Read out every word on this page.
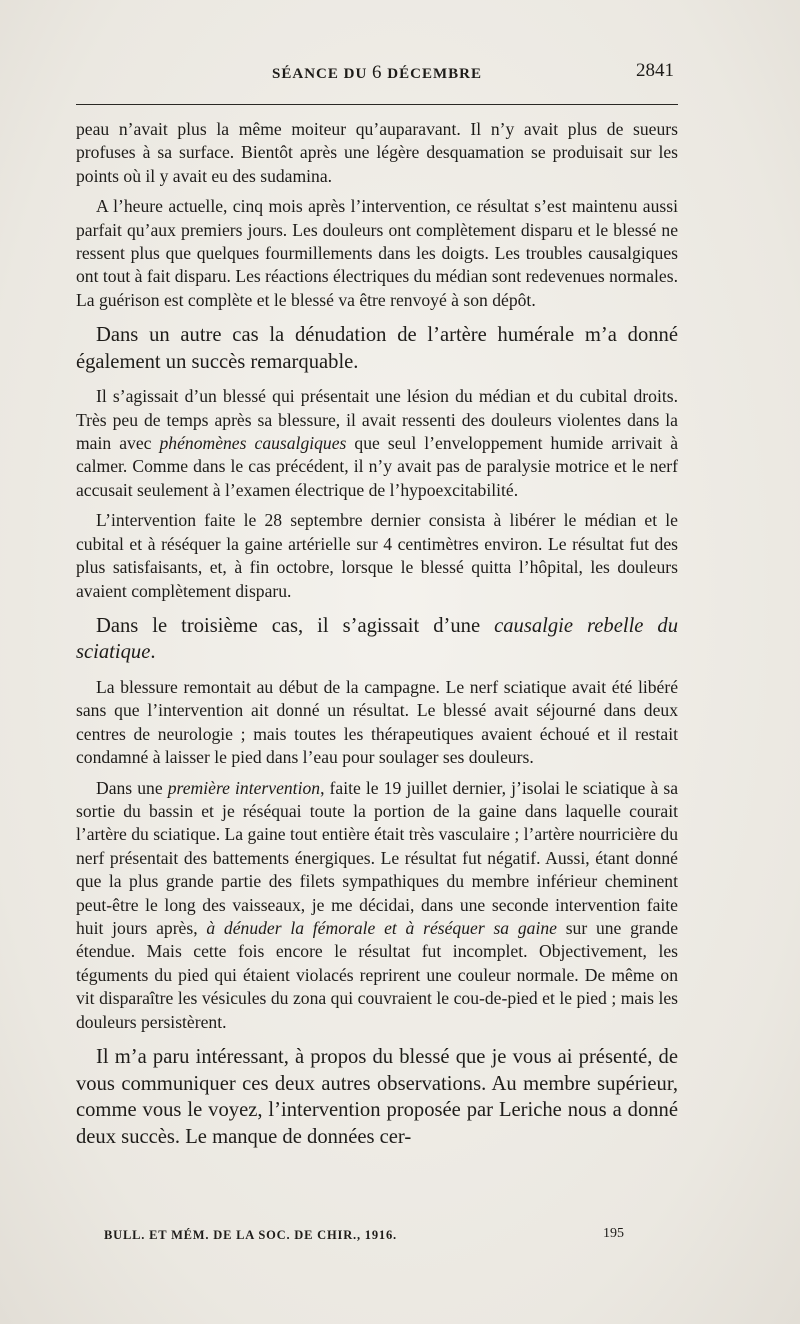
SÉANCE DU 6 DÉCEMBRE	2841

peau n’avait plus la même moiteur qu’auparavant. Il n’y avait plus de sueurs profuses à sa surface. Bientôt après une légère desquamation se produisait sur les points où il y avait eu des sudamina.

A l’heure actuelle, cinq mois après l’intervention, ce résultat s’est maintenu aussi parfait qu’aux premiers jours. Les douleurs ont complètement disparu et le blessé ne ressent plus que quelques fourmillements dans les doigts. Les troubles causalgiques ont tout à fait disparu. Les réactions électriques du médian sont redevenues normales. La guérison est complète et le blessé va être renvoyé à son dépôt.

Dans un autre cas la dénudation de l’artère humérale m’a donné également un succès remarquable.

Il s’agissait d’un blessé qui présentait une lésion du médian et du cubital droits. Très peu de temps après sa blessure, il avait ressenti des douleurs violentes dans la main avec phénomènes causalgiques que seul l’enveloppement humide arrivait à calmer. Comme dans le cas précédent, il n’y avait pas de paralysie motrice et le nerf accusait seulement à l’examen électrique de l’hypoexcitabilité.

L’intervention faite le 28 septembre dernier consista à libérer le médian et le cubital et à réséquer la gaine artérielle sur 4 centimètres environ. Le résultat fut des plus satisfaisants, et, à fin octobre, lorsque le blessé quitta l’hôpital, les douleurs avaient complètement disparu.

Dans le troisième cas, il s’agissait d’une causalgie rebelle du sciatique.

La blessure remontait au début de la campagne. Le nerf sciatique avait été libéré sans que l’intervention ait donné un résultat. Le blessé avait séjourné dans deux centres de neurologie ; mais toutes les thérapeutiques avaient échoué et il restait condamné à laisser le pied dans l’eau pour soulager ses douleurs.

Dans une première intervention, faite le 19 juillet dernier, j’isolai le sciatique à sa sortie du bassin et je réséquai toute la portion de la gaine dans laquelle courait l’artère du sciatique. La gaine tout entière était très vasculaire ; l’artère nourricière du nerf présentait des battements énergiques. Le résultat fut négatif. Aussi, étant donné que la plus grande partie des filets sympathiques du membre inférieur cheminent peut-être le long des vaisseaux, je me décidai, dans une seconde intervention faite huit jours après, à dénuder la fémorale et à réséquer sa gaine sur une grande étendue. Mais cette fois encore le résultat fut incomplet. Objectivement, les téguments du pied qui étaient violacés reprirent une couleur normale. De même on vit disparaître les vésicules du zona qui couvraient le cou-de-pied et le pied ; mais les douleurs persistèrent.

Il m’a paru intéressant, à propos du blessé que je vous ai présenté, de vous communiquer ces deux autres observations. Au membre supérieur, comme vous le voyez, l’intervention proposée par Leriche nous a donné deux succès. Le manque de données cer-

BULL. ET MÉM. DE LA SOC. DE CHIR., 1916.	195
